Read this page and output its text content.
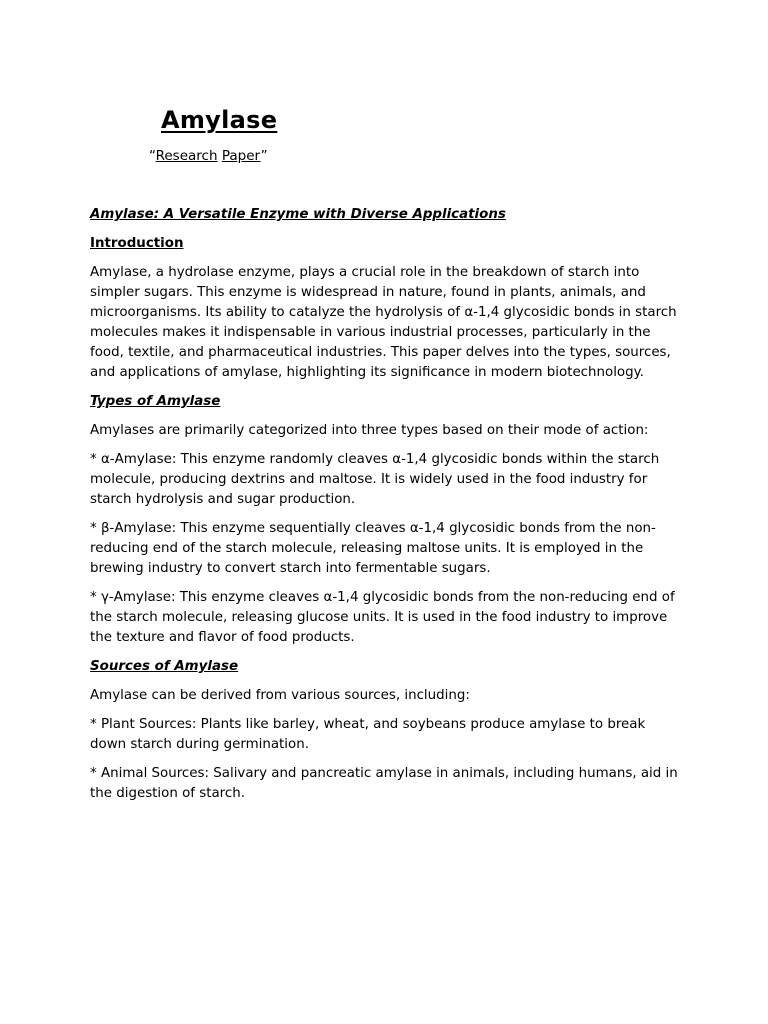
Amylase
“Research Paper”

Amylase: A Versatile Enzyme with Diverse Applications

Introduction

Amylase, a hydrolase enzyme, plays a crucial role in the breakdown of starch into simpler sugars. This enzyme is widespread in nature, found in plants, animals, and microorganisms. Its ability to catalyze the hydrolysis of α-1,4 glycosidic bonds in starch molecules makes it indispensable in various industrial processes, particularly in the food, textile, and pharmaceutical industries. This paper delves into the types, sources, and applications of amylase, highlighting its significance in modern biotechnology.

Types of Amylase

Amylases are primarily categorized into three types based on their mode of action:

* α-Amylase: This enzyme randomly cleaves α-1,4 glycosidic bonds within the starch molecule, producing dextrins and maltose. It is widely used in the food industry for starch hydrolysis and sugar production.

* β-Amylase: This enzyme sequentially cleaves α-1,4 glycosidic bonds from the non-reducing end of the starch molecule, releasing maltose units. It is employed in the brewing industry to convert starch into fermentable sugars.

* γ-Amylase: This enzyme cleaves α-1,4 glycosidic bonds from the non-reducing end of the starch molecule, releasing glucose units. It is used in the food industry to improve the texture and flavor of food products.

Sources of Amylase

Amylase can be derived from various sources, including:

* Plant Sources: Plants like barley, wheat, and soybeans produce amylase to break down starch during germination.

* Animal Sources: Salivary and pancreatic amylase in animals, including humans, aid in the digestion of starch.
